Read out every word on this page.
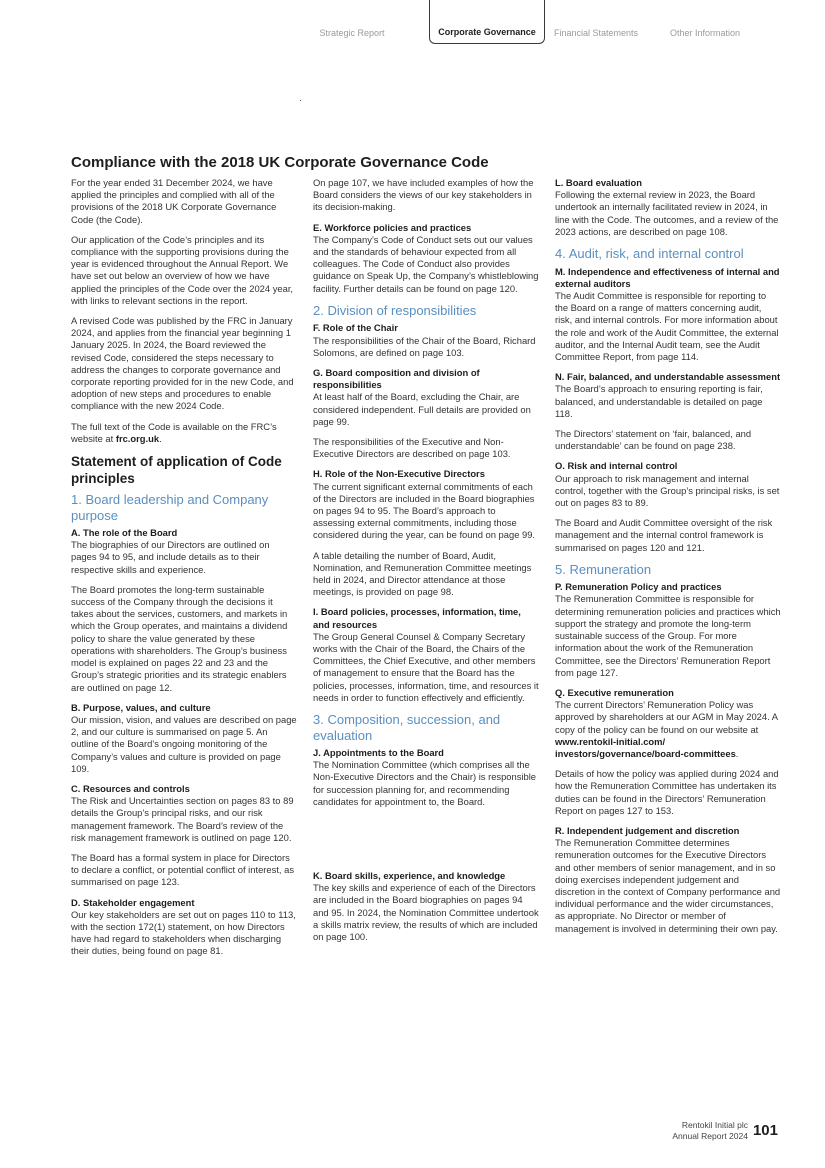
Strategic Report	Corporate Governance	Financial Statements	Other Information
Compliance with the 2018 UK Corporate Governance Code

For the year ended 31 December 2024, we have applied the principles and complied with all of the provisions of the 2018 UK Corporate Governance Code (the Code).

Our application of the Code’s principles and its compliance with the supporting provisions during the year is evidenced throughout the Annual Report. We have set out below an overview of how we have applied the principles of the Code over the 2024 year, with links to relevant sections in the report.

A revised Code was published by the FRC in January 2024, and applies from the financial year beginning 1 January 2025. In 2024, the Board reviewed the revised Code, considered the steps necessary to address the changes to corporate governance and corporate reporting provided for in the new Code, and adoption of new steps and procedures to enable compliance with the new 2024 Code.

The full text of the Code is available on the FRC’s website at frc.org.uk.

Statement of application of Code principles
1. Board leadership and Company purpose
A. The role of the Board

The biographies of our Directors are outlined on pages 94 to 95, and include details as to their respective skills and experience.

The Board promotes the long-term sustainable success of the Company through the decisions it takes about the services, customers, and markets in which the Group operates, and maintains a dividend policy to share the value generated by these operations with shareholders. The Group’s business model is explained on pages 22 and 23 and the Group’s strategic priorities and its strategic enablers are outlined on page 12.

B. Purpose, values, and culture

Our mission, vision, and values are described on page 2, and our culture is summarised on page 5. An outline of the Board’s ongoing monitoring of the Company’s values and culture is provided on page 109.

C. Resources and controls

The Risk and Uncertainties section on pages 83 to 89 details the Group’s principal risks, and our risk management framework. The Board’s review of the risk management framework is outlined on page 120.

The Board has a formal system in place for Directors to declare a conflict, or potential conflict of interest, as summarised on page 123.

D. Stakeholder engagement

Our key stakeholders are set out on pages 110 to 113, with the section 172(1) statement, on how Directors have had regard to stakeholders when discharging their duties, being found on page 81.

On page 107, we have included examples of how the Board considers the views of our key stakeholders in its decision-making.

E. Workforce policies and practices

The Company’s Code of Conduct sets out our values and the standards of behaviour expected from all colleagues. The Code of Conduct also provides guidance on Speak Up, the Company’s whistleblowing facility. Further details can be found on page 120.

2. Division of responsibilities
F. Role of the Chair

The responsibilities of the Chair of the Board, Richard Solomons, are defined on page 103.

G. Board composition and division of responsibilities

At least half of the Board, excluding the Chair, are considered independent. Full details are provided on page 99.

The responsibilities of the Executive and Non-Executive Directors are described on page 103.

H. Role of the Non-Executive Directors

The current significant external commitments of each of the Directors are included in the Board biographies on pages 94 to 95. The Board’s approach to assessing external commitments, including those considered during the year, can be found on page 99.

A table detailing the number of Board, Audit, Nomination, and Remuneration Committee meetings held in 2024, and Director attendance at those meetings, is provided on page 98.

I. Board policies, processes, information, time, and resources

The Group General Counsel & Company Secretary works with the Chair of the Board, the Chairs of the Committees, the Chief Executive, and other members of management to ensure that the Board has the policies, processes, information, time, and resources it needs in order to function effectively and efficiently.

3. Composition, succession, and evaluation
J. Appointments to the Board

The Nomination Committee (which comprises all the Non-Executive Directors and the Chair) is responsible for succession planning for, and recommending candidates for appointment to, the Board.

K. Board skills, experience, and knowledge

The key skills and experience of each of the Directors are included in the Board biographies on pages 94 and 95. In 2024, the Nomination Committee undertook a skills matrix review, the results of which are included on page 100.

L. Board evaluation

Following the external review in 2023, the Board undertook an internally facilitated review in 2024, in line with the Code. The outcomes, and a review of the 2023 actions, are described on page 108.

4. Audit, risk, and internal control
M. Independence and effectiveness of internal and external auditors

The Audit Committee is responsible for reporting to the Board on a range of matters concerning audit, risk, and internal controls. For more information about the role and work of the Audit Committee, the external auditor, and the Internal Audit team, see the Audit Committee Report, from page 114.

N. Fair, balanced, and understandable assessment

The Board’s approach to ensuring reporting is fair, balanced, and understandable is detailed on page 118.

The Directors’ statement on ‘fair, balanced, and understandable’ can be found on page 238.

O. Risk and internal control

Our approach to risk management and internal control, together with the Group’s principal risks, is set out on pages 83 to 89.

The Board and Audit Committee oversight of the risk management and the internal control framework is summarised on pages 120 and 121.

5. Remuneration
P. Remuneration Policy and practices

The Remuneration Committee is responsible for determining remuneration policies and practices which support the strategy and promote the long-term sustainable success of the Group. For more information about the work of the Remuneration Committee, see the Directors’ Remuneration Report from page 127.

Q. Executive remuneration

The current Directors’ Remuneration Policy was approved by shareholders at our AGM in May 2024. A copy of the policy can be found on our website at www.rentokil-initial.com/ investors/governance/board-committees.

Details of how the policy was applied during 2024 and how the Remuneration Committee has undertaken its duties can be found in the Directors’ Remuneration Report on pages 127 to 153.

R. Independent judgement and discretion

The Remuneration Committee determines remuneration outcomes for the Executive Directors and other members of senior management, and in so doing exercises independent judgement and discretion in the context of Company performance and individual performance and the wider circumstances, as appropriate. No Director or member of management is involved in determining their own pay.

Rentokil Initial plc
Annual Report 2024 101
